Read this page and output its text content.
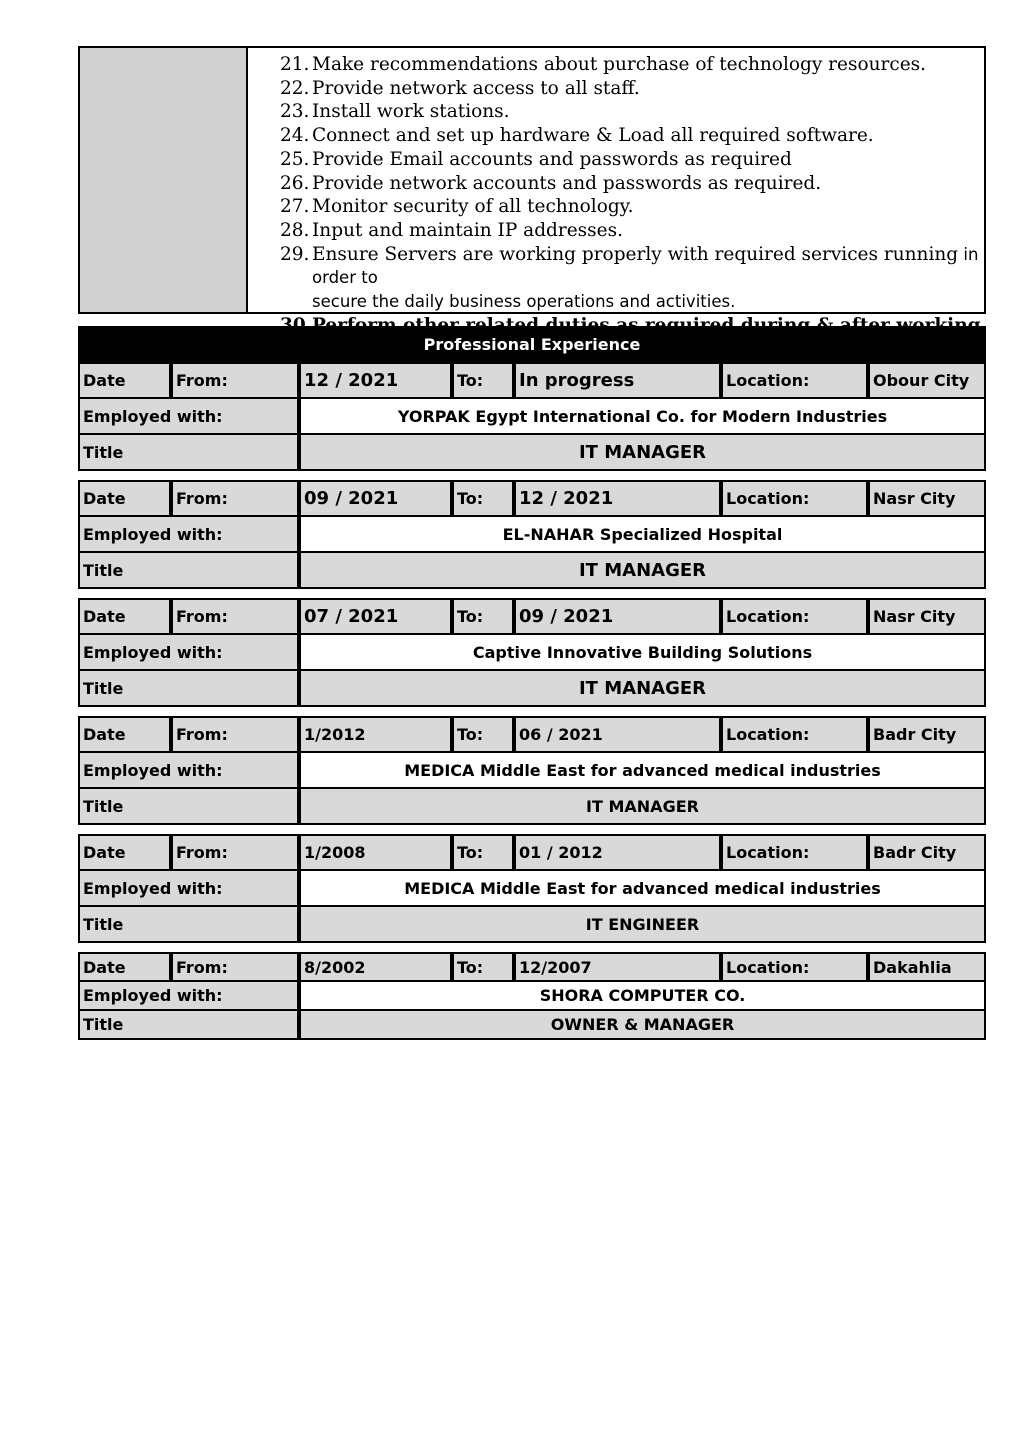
21. Make recommendations about purchase of technology resources.
22. Provide network access to all staff.
23. Install work stations.
24. Connect and set up hardware & Load all required software.
25. Provide Email accounts and passwords as required
26. Provide network accounts and passwords as required.
27. Monitor security of all technology.
28. Input and maintain IP addresses.
29. Ensure Servers are working properly with required services running in order to
secure the daily business operations and activities.
Professional Experience
Date	From:	12 / 2021	To:	In progress	Location:	Obour City
Employed with:	YORPAK Egypt International Co. for Modern Industries
Title	IT MANAGER
Date	From:	09 / 2021	To:	12 / 2021	Location:	Nasr City
Employed with:	EL-NAHAR Specialized Hospital
Title	IT MANAGER
Date	From:	07 / 2021	To:	09 / 2021	Location:	Nasr City
Employed with:	Captive Innovative Building Solutions
Title	IT MANAGER
Date	From:	1/2012	To:	06 / 2021	Location:	Badr City
Employed with:	MEDICA Middle East for advanced medical industries
Title	IT MANAGER
Date	From:	1/2008	To:	01 / 2012	Location:	Badr City
Employed with:	MEDICA Middle East for advanced medical industries
Title	IT ENGINEER
Date	From:	8/2002	To:	12/2007	Location:	Dakahlia
Employed with:	SHORA COMPUTER CO.
Title	OWNER & MANAGER
